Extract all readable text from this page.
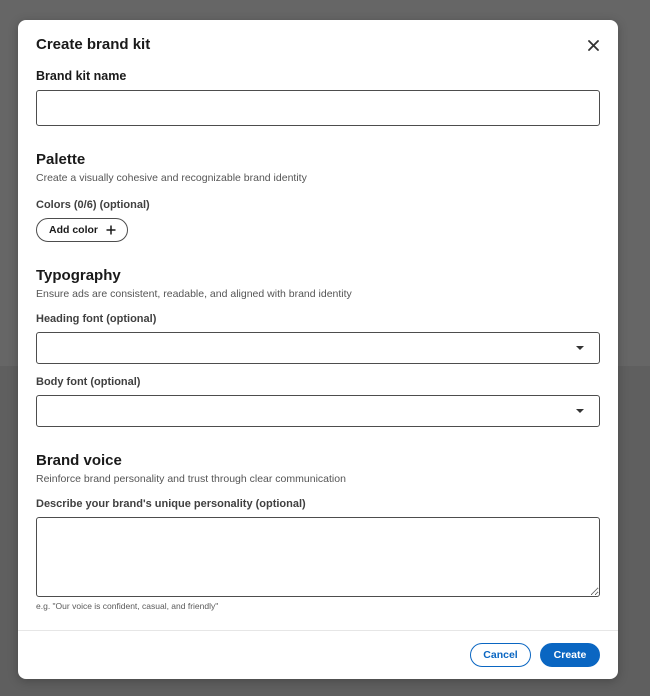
Create brand kit
Brand kit name
Palette
Create a visually cohesive and recognizable brand identity
Colors (0/6) (optional)
Add color
Typography
Ensure ads are consistent, readable, and aligned with brand identity
Heading font (optional)
Body font (optional)
Brand voice
Reinforce brand personality and trust through clear communication
Describe your brand's unique personality (optional)
e.g. "Our voice is confident, casual, and friendly"
Cancel	Create
